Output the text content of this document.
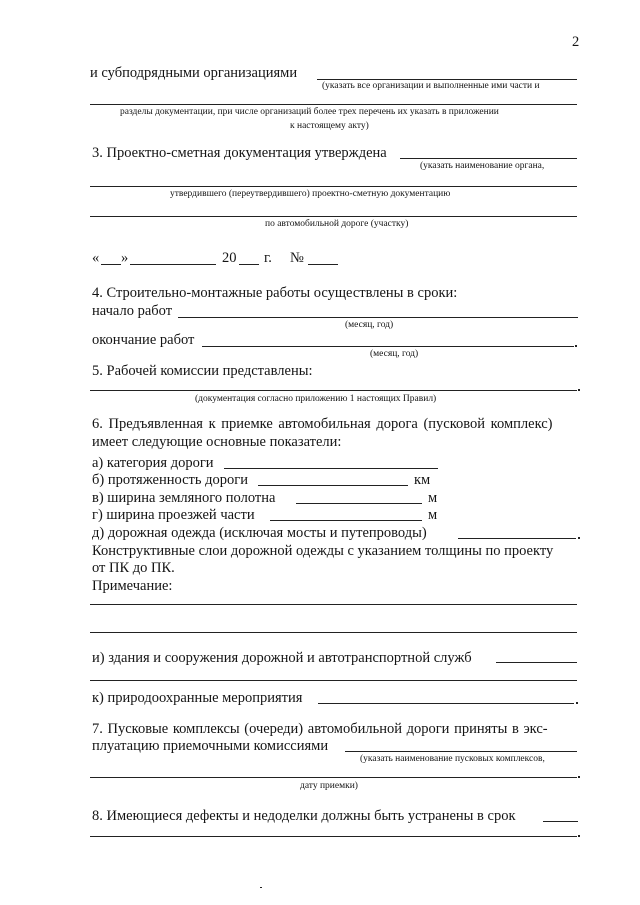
2
и субподрядными организациями
(указать все организации и выполненные ими части и
разделы документации, при числе организаций более трех перечень их указать в приложении
к настоящему акту)
3. Проектно-сметная документация утверждена
(указать наименование органа,
утвердившего (переутвердившего) проектно-сметную документацию
по автомобильной дороге (участку)
« »	20 г. №
4. Строительно-монтажные работы осуществлены в сроки:
начало работ
(месяц, год)
окончание работ
(месяц, год)
5. Рабочей комиссии представлены:
(документация согласно приложению 1 настоящих Правил)
6. Предъявленная к приемке автомобильная дорога (пусковой комплекс)
имеет следующие основные показатели:
а) категория дороги
б) протяженность дороги	км
в) ширина земляного полотна	м
г) ширина проезжей части	м
д) дорожная одежда (исключая мосты и путепроводы)
Конструктивные слои дорожной одежды с указанием толщины по проекту
от ПК до ПК.
Примечание:
и) здания и сооружения дорожной и автотранспортной служб
к) природоохранные мероприятия
7. Пусковые комплексы (очереди) автомобильной дороги приняты в экс-
плуатацию приемочными комиссиями
(указать наименование пусковых комплексов,
дату приемки)
8. Имеющиеся дефекты и недоделки должны быть устранены в срок
